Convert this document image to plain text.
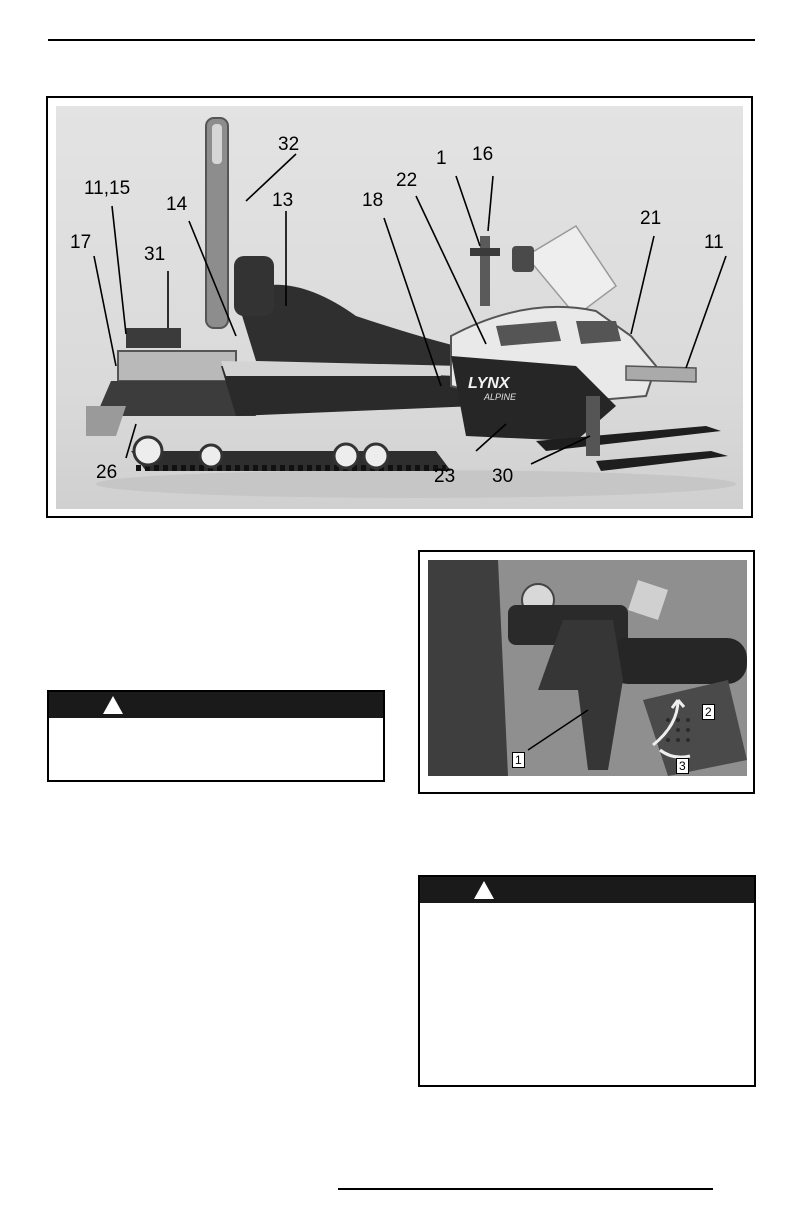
LYNX
ALPINE
32
1 16
11,15	22
13
14	18
21
17
31
11
26	23 30
1
2
3
